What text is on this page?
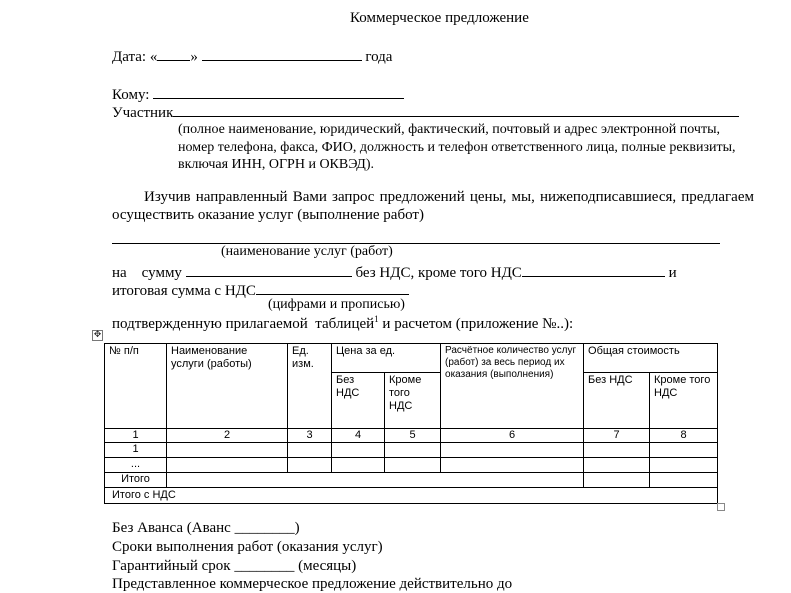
Коммерческое предложение
Дата: « »	года
Кому:
Участник
(полное наименование, юридический, фактический, почтовый и адрес электронной почты, номер телефона, факса, ФИО, должность и телефон ответственного лица, полные реквизиты, включая ИНН, ОГРН и ОКВЭД).
Изучив направленный Вами запрос предложений цены, мы, нижеподписавшиеся, предлагаем осуществить оказание услуг (выполнение работ)
(наименование услуг (работ)
на    сумму	без НДС, кроме того НДС	и
итоговая сумма с НДС
(цифрами и прописью)
подтвержденную прилагаемой  таблицей$^1$ и расчетом (приложение №..):
✥
№ п/п	Наименование услуги (работы)	Ед. изм.	Цена за ед.		Расчётное количество услуг (работ) за весь период их оказания (выполнения)	Общая стоимость	
			Без НДС	Кроме того НДС		Без НДС	Кроме того НДС
1	2	3	4	5	6	7	8
1							
...							
Итого							
Итого с НДС							
Без Аванса (Аванс ________)
Сроки выполнения работ (оказания услуг)
Гарантийный срок ________ (месяцы)
Представленное коммерческое предложение действительно до
